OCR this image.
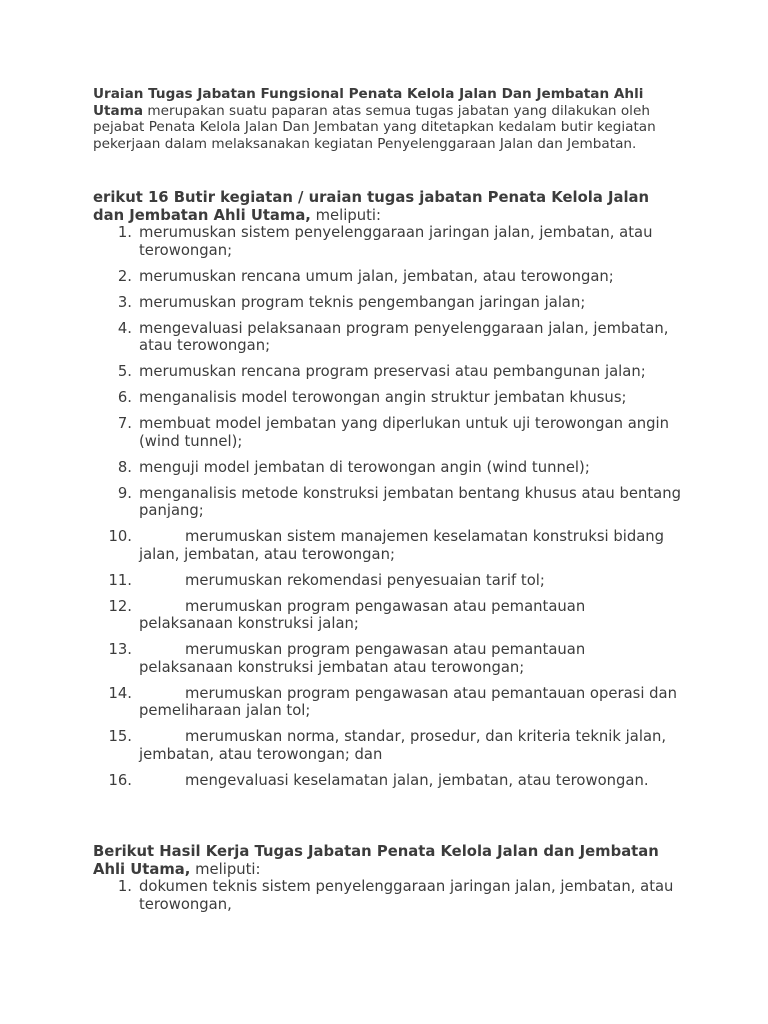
Uraian Tugas Jabatan Fungsional Penata Kelola Jalan Dan Jembatan Ahli Utama merupakan suatu paparan atas semua tugas jabatan yang dilakukan oleh pejabat Penata Kelola Jalan Dan Jembatan yang ditetapkan kedalam butir kegiatan pekerjaan dalam melaksanakan kegiatan Penyelenggaraan Jalan dan Jembatan.

erikut 16 Butir kegiatan / uraian tugas jabatan Penata Kelola Jalan dan Jembatan Ahli Utama, meliputi:

1. merumuskan sistem penyelenggaraan jaringan jalan, jembatan, atau terowongan;
2. merumuskan rencana umum jalan, jembatan, atau terowongan;
3. merumuskan program teknis pengembangan jaringan jalan;
4. mengevaluasi pelaksanaan program penyelenggaraan jalan, jembatan, atau terowongan;
5. merumuskan rencana program preservasi atau pembangunan jalan;
6. menganalisis model terowongan angin struktur jembatan khusus;
7. membuat model jembatan yang diperlukan untuk uji terowongan angin (wind tunnel);
8. menguji model jembatan di terowongan angin (wind tunnel);
9. menganalisis metode konstruksi jembatan bentang khusus atau bentang panjang;
10.	merumuskan sistem manajemen keselamatan konstruksi bidang jalan, jembatan, atau terowongan;
11.	merumuskan rekomendasi penyesuaian tarif tol;
12.	merumuskan program pengawasan atau pemantauan pelaksanaan konstruksi jalan;
13.	merumuskan program pengawasan atau pemantauan pelaksanaan konstruksi jembatan atau terowongan;
14.	merumuskan program pengawasan atau pemantauan operasi dan pemeliharaan jalan tol;
15.	merumuskan norma, standar, prosedur, dan kriteria teknik jalan, jembatan, atau terowongan; dan
16.	mengevaluasi keselamatan jalan, jembatan, atau terowongan.

Berikut Hasil Kerja Tugas Jabatan Penata Kelola Jalan dan Jembatan Ahli Utama, meliputi:

1. dokumen teknis sistem penyelenggaraan jaringan jalan, jembatan, atau terowongan,
